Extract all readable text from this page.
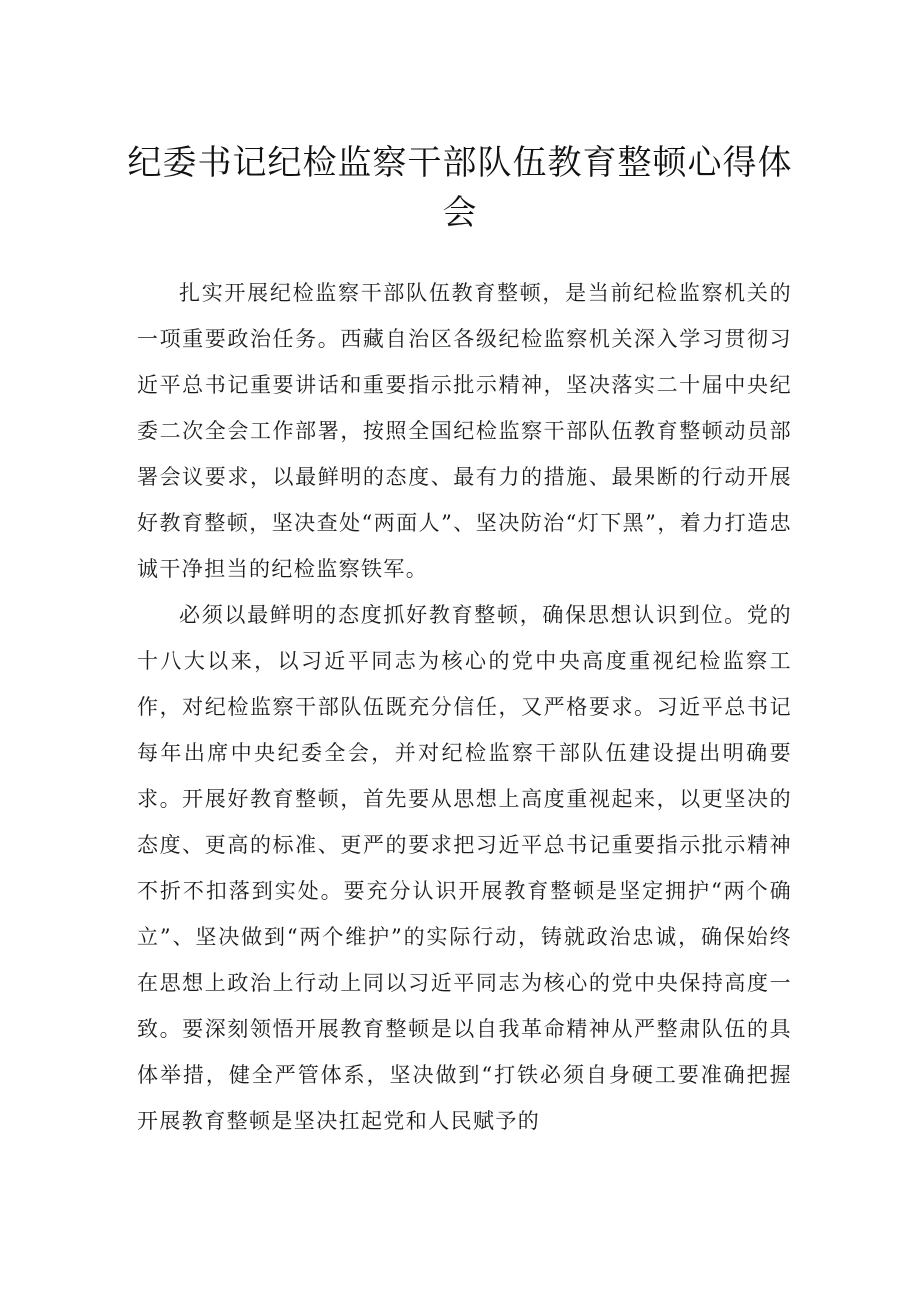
纪委书记纪检监察干部队伍教育整顿心得体会

扎实开展纪检监察干部队伍教育整顿，是当前纪检监察机关的一项重要政治任务。西藏自治区各级纪检监察机关深入学习贯彻习近平总书记重要讲话和重要指示批示精神，坚决落实二十届中央纪委二次全会工作部署，按照全国纪检监察干部队伍教育整顿动员部署会议要求，以最鲜明的态度、最有力的措施、最果断的行动开展好教育整顿，坚决查处“两面人”、坚决防治“灯下黑”，着力打造忠诚干净担当的纪检监察铁军。

必须以最鲜明的态度抓好教育整顿，确保思想认识到位。党的十八大以来，以习近平同志为核心的党中央高度重视纪检监察工作，对纪检监察干部队伍既充分信任，又严格要求。习近平总书记每年出席中央纪委全会，并对纪检监察干部队伍建设提出明确要求。开展好教育整顿，首先要从思想上高度重视起来，以更坚决的态度、更高的标准、更严的要求把习近平总书记重要指示批示精神不折不扣落到实处。要充分认识开展教育整顿是坚定拥护“两个确立”、坚决做到“两个维护”的实际行动，铸就政治忠诚，确保始终在思想上政治上行动上同以习近平同志为核心的党中央保持高度一致。要深刻领悟开展教育整顿是以自我革命精神从严整肃队伍的具体举措，健全严管体系，坚决做到“打铁必须自身硬工要准确把握开展教育整顿是坚决扛起党和人民赋予的
